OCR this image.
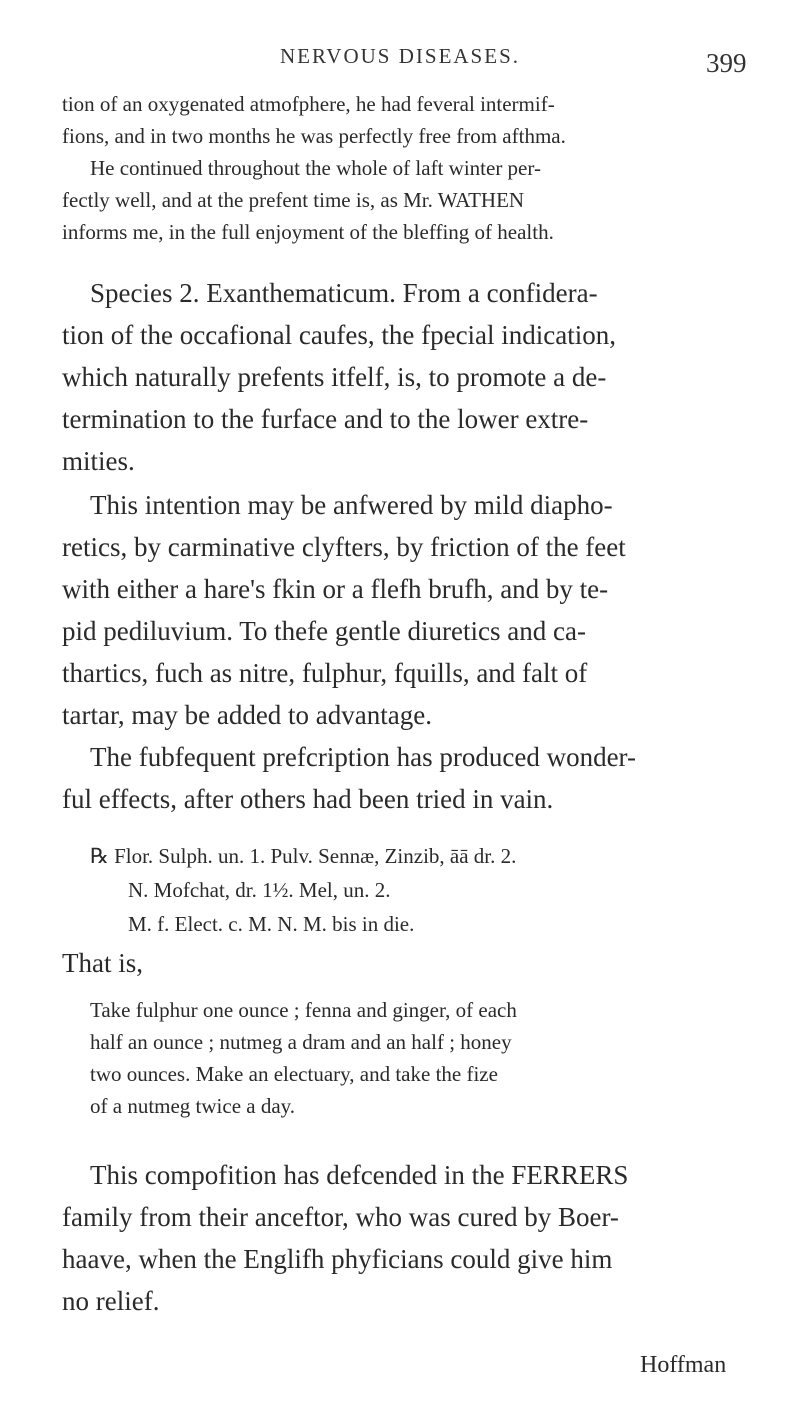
NERVOUS DISEASES.	399
tion of an oxygenated atmofphere, he had feveral intermif-
fions, and in two months he was perfectly free from afthma.
He continued throughout the whole of laft winter per-
fectly well, and at the prefent time is, as Mr. WATHEN
informs me, in the full enjoyment of the bleffing of health.
Species 2. Exanthematicum. From a confidera-
tion of the occafional caufes, the fpecial indication,
which naturally prefents itfelf, is, to promote a de-
termination to the furface and to the lower extre-
mities.
This intention may be anfwered by mild diapho-
retics, by carminative clyfters, by friction of the feet
with either a hare's fkin or a flefh brufh, and by te-
pid pediluvium. To thefe gentle diuretics and ca-
thartics, fuch as nitre, fulphur, fquills, and falt of
tartar, may be added to advantage.
The fubfequent prefcription has produced wonder-
ful effects, after others had been tried in vain.
℞ Flor. Sulph. un. 1. Pulv. Sennæ, Zinzib, āā dr. 2.
N. Mofchat, dr. 1½. Mel, un. 2.
M. f. Elect. c. M. N. M. bis in die.
That is,
Take fulphur one ounce ; fenna and ginger, of each
half an ounce ; nutmeg a dram and an half ; honey
two ounces. Make an electuary, and take the fize
of a nutmeg twice a day.
This compofition has defcended in the FERRERS
family from their anceftor, who was cured by Boer-
haave, when the Englifh phyficians could give him
no relief.
Hoffman
